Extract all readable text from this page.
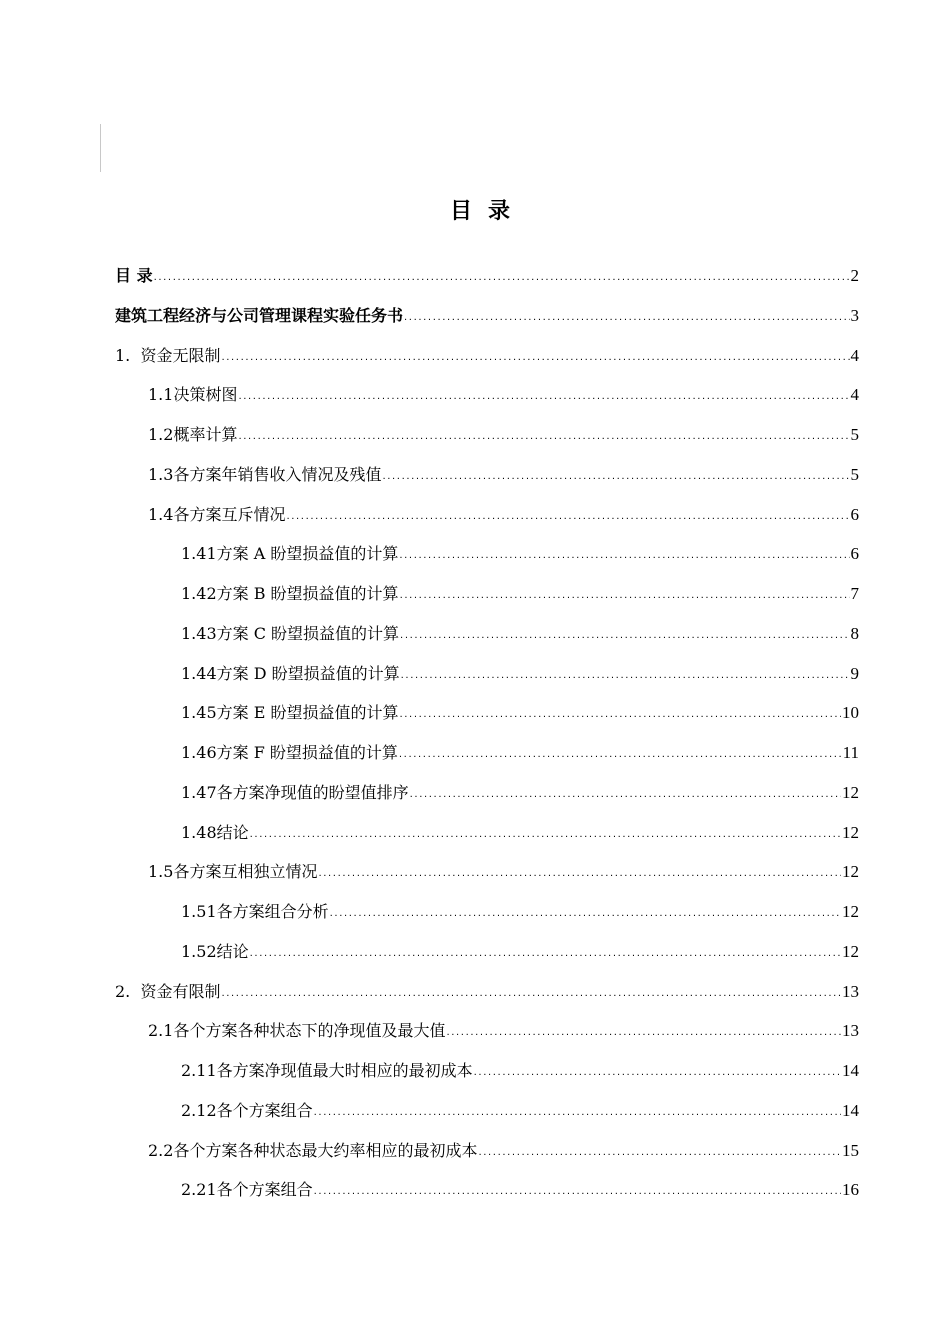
目录
目 录 .....	2
建筑工程经济与公司管理课程实验任务书 .....	3
1. 资金无限制 .....	4
1.1 决策树图 .....	4
1.2 概率计算 .....	5
1.3 各方案年销售收入情况及残值 .....	5
1.4 各方案互斥情况 .....	6
1.41 方案 A 盼望损益值的计算 .....	6
1.42 方案 B 盼望损益值的计算 .....	7
1.43 方案 C 盼望损益值的计算 .....	8
1.44 方案 D 盼望损益值的计算 .....	9
1.45 方案 E 盼望损益值的计算 .....	10
1.46 方案 F 盼望损益值的计算 .....	11
1.47 各方案净现值的盼望值排序 .....	12
1.48 结论 .....	12
1.5 各方案互相独立情况 .....	12
1.51 各方案组合分析 .....	12
1.52 结论 .....	12
2. 资金有限制 .....	13
2.1 各个方案各种状态下的净现值及最大值 .....	13
2.11 各方案净现值最大时相应的最初成本 .....	14
2.12 各个方案组合 .....	14
2.2 各个方案各种状态最大约率相应的最初成本 .....	15
2.21 各个方案组合 .....	16
